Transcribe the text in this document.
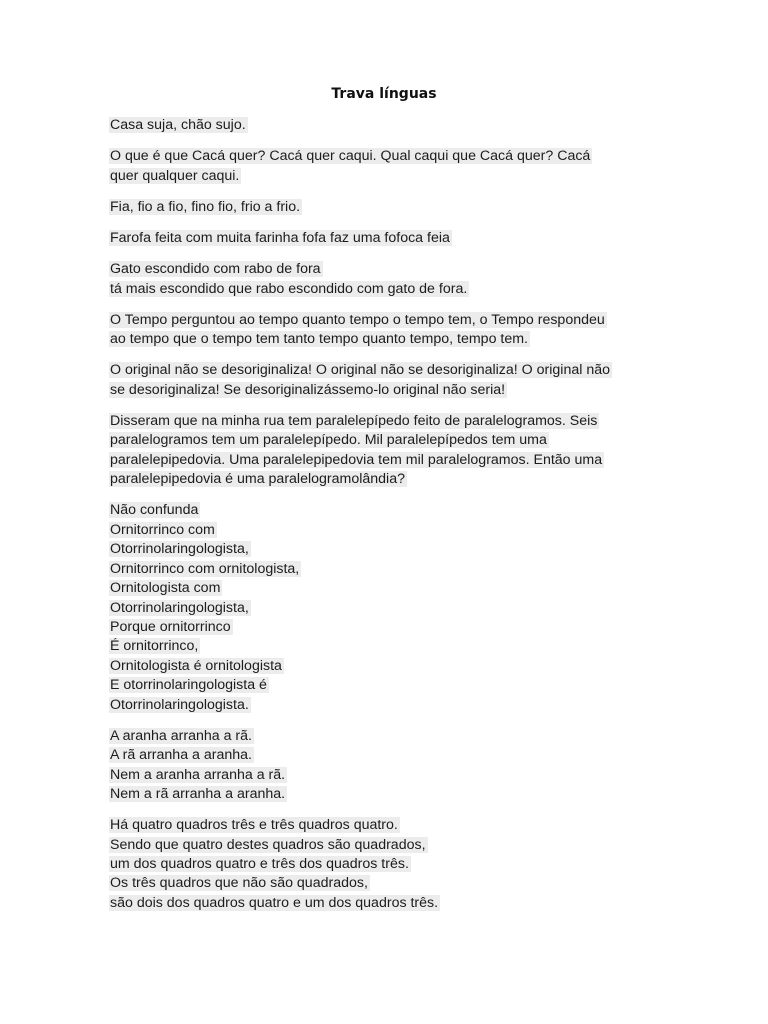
Trava línguas
Casa suja, chão sujo.
O que é que Cacá quer? Cacá quer caqui. Qual caqui que Cacá quer? Cacá
quer qualquer caqui.
Fia, fio a fio, fino fio, frio a frio.
Farofa feita com muita farinha fofa faz uma fofoca feia
Gato escondido com rabo de fora
tá mais escondido que rabo escondido com gato de fora.
O Tempo perguntou ao tempo quanto tempo o tempo tem, o Tempo respondeu
ao tempo que o tempo tem tanto tempo quanto tempo, tempo tem.
O original não se desoriginaliza! O original não se desoriginaliza! O original não
se desoriginaliza! Se desoriginalizássemo-lo original não seria!
Disseram que na minha rua tem paralelepípedo feito de paralelogramos. Seis
paralelogramos tem um paralelepípedo. Mil paralelepípedos tem uma
paralelepipedovia. Uma paralelepipedovia tem mil paralelogramos. Então uma
paralelepipedovia é uma paralelogramolândia?
Não confunda
Ornitorrinco com
Otorrinolaringologista,
Ornitorrinco com ornitologista,
Ornitologista com
Otorrinolaringologista,
Porque ornitorrinco
É ornitorrinco,
Ornitologista é ornitologista
E otorrinolaringologista é
Otorrinolaringologista.
A aranha arranha a rã.
A rã arranha a aranha.
Nem a aranha arranha a rã.
Nem a rã arranha a aranha.
Há quatro quadros três e três quadros quatro.
Sendo que quatro destes quadros são quadrados,
um dos quadros quatro e três dos quadros três.
Os três quadros que não são quadrados,
são dois dos quadros quatro e um dos quadros três.
